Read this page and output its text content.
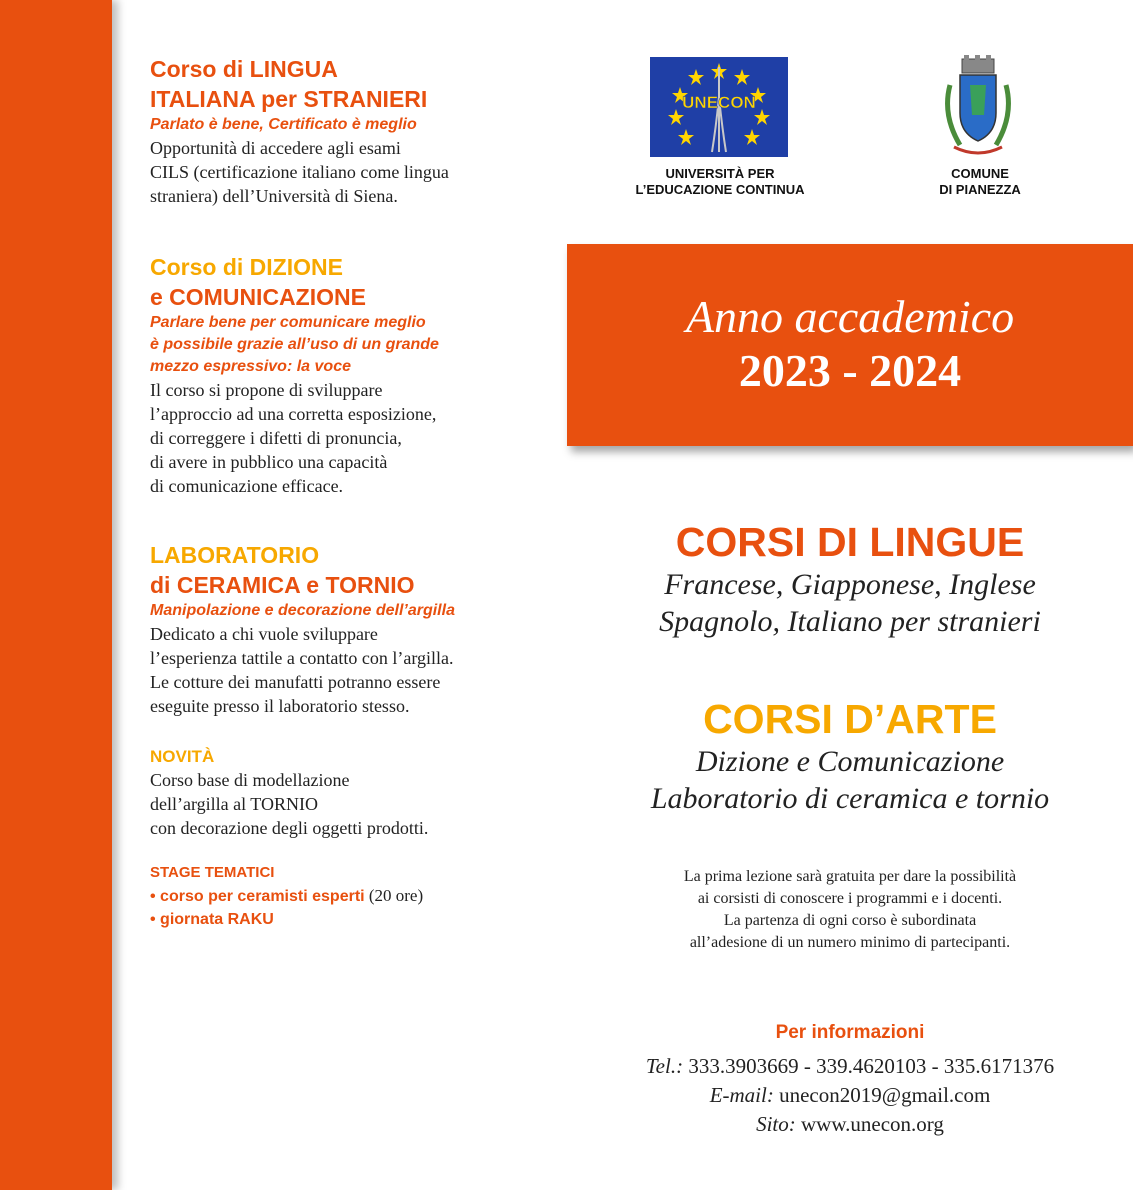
Corso di LINGUA

ITALIANA per STRANIERI

Parlato è bene, Certificato è meglio

Opportunità di accedere agli esami

CILS (certificazione italiano come lingua

straniera) dell’Università di Siena.

Corso di DIZIONE

e COMUNICAZIONE

Parlare bene per comunicare meglio

è possibile grazie all’uso di un grande

mezzo espressivo: la voce

Il corso si propone di sviluppare

l’approccio ad una corretta esposizione,

di correggere i difetti di pronuncia,

di avere in pubblico una capacità

di comunicazione efficace.

LABORATORIO

di CERAMICA e TORNIO

Manipolazione e decorazione dell’argilla

Dedicato a chi vuole sviluppare

l’esperienza tattile a contatto con l’argilla.

Le cotture dei manufatti potranno essere

eseguite presso il laboratorio stesso.

NOVITÀ

Corso base di modellazione

dell’argilla al TORNIO

con decorazione degli oggetti prodotti.

STAGE TEMATICI

• corso per ceramisti esperti (20 ore)

• giornata RAKU

UNECON
UNIVERSITÀ PER
L’EDUCAZIONE CONTINUA
COMUNE
DI PIANEZZA
Anno accademico
2023 - 2024

CORSI DI LINGUE

Francese, Giapponese, Inglese

Spagnolo, Italiano per stranieri

CORSI D’ARTE

Dizione e Comunicazione

Laboratorio di ceramica e tornio

La prima lezione sarà gratuita per dare la possibilità

ai corsisti di conoscere i programmi e i docenti.

La partenza di ogni corso è subordinata

all’adesione di un numero minimo di partecipanti.

Per informazioni

Tel.: 333.3903669 - 339.4620103 - 335.6171376

E-mail: unecon2019@gmail.com

Sito: www.unecon.org
